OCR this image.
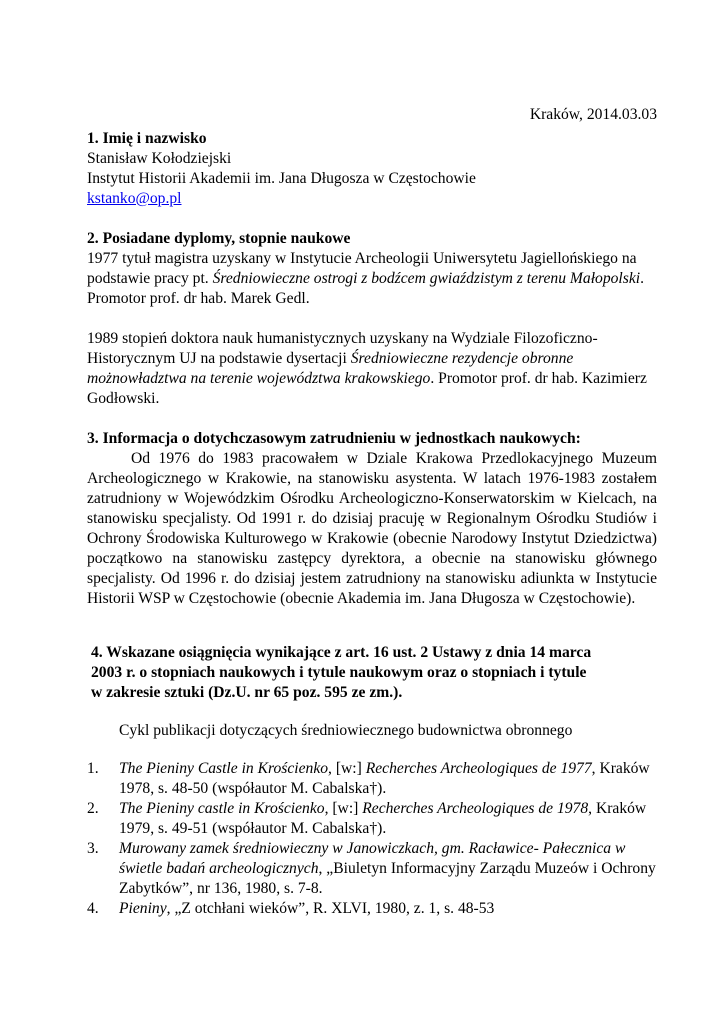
Kraków, 2014.03.03

1. Imię i nazwisko

Stanisław Kołodziejski

Instytut Historii Akademii im. Jana Długosza w Częstochowie

kstanko@op.pl

2. Posiadane dyplomy, stopnie naukowe

1977 tytuł magistra uzyskany w Instytucie Archeologii Uniwersytetu Jagiellońskiego na podstawie pracy pt. Średniowieczne ostrogi z bodźcem gwiaździstym z terenu Małopolski. Promotor prof. dr hab. Marek Gedl.

1989 stopień doktora nauk humanistycznych uzyskany na Wydziale Filozoficzno-Historycznym UJ na podstawie dysertacji Średniowieczne rezydencje obronne możnowładztwa na terenie województwa krakowskiego. Promotor prof. dr hab. Kazimierz Godłowski.

3. Informacja o dotychczasowym zatrudnieniu w jednostkach naukowych:

Od 1976 do 1983 pracowałem w Dziale Krakowa Przedlokacyjnego Muzeum Archeologicznego w Krakowie, na stanowisku asystenta. W latach 1976-1983 zostałem zatrudniony w Wojewódzkim Ośrodku Archeologiczno-Konserwatorskim w Kielcach, na stanowisku specjalisty. Od 1991 r. do dzisiaj pracuję w Regionalnym Ośrodku Studiów i Ochrony Środowiska Kulturowego w Krakowie (obecnie Narodowy Instytut Dziedzictwa) początkowo na stanowisku zastępcy dyrektora, a obecnie na stanowisku głównego specjalisty. Od 1996 r. do dzisiaj jestem zatrudniony na stanowisku adiunkta w Instytucie Historii WSP w Częstochowie (obecnie Akademia im. Jana Długosza w Częstochowie).

4. Wskazane osiągnięcia wynikające z art. 16 ust. 2 Ustawy z dnia 14 marca

2003 r. o stopniach naukowych i tytule naukowym oraz o stopniach i tytule

w zakresie sztuki (Dz.U. nr 65 poz. 595 ze zm.).

Cykl publikacji dotyczących średniowiecznego budownictwa obronnego

1. The Pieniny Castle in Krościenko, [w:] Recherches Archeologiques de 1977, Kraków 1978, s. 48-50 (współautor M. Cabalska†).
2. The Pieniny castle in Krościenko, [w:] Recherches Archeologiques de 1978, Kraków 1979, s. 49-51 (współautor M. Cabalska†).
3. Murowany zamek średniowieczny w Janowiczkach, gm. Racławice- Pałecznica w świetle badań archeologicznych, „Biuletyn Informacyjny Zarządu Muzeów i Ochrony Zabytków”, nr 136, 1980, s. 7-8.
4. Pieniny, „Z otchłani wieków”, R. XLVI, 1980, z. 1, s. 48-53
